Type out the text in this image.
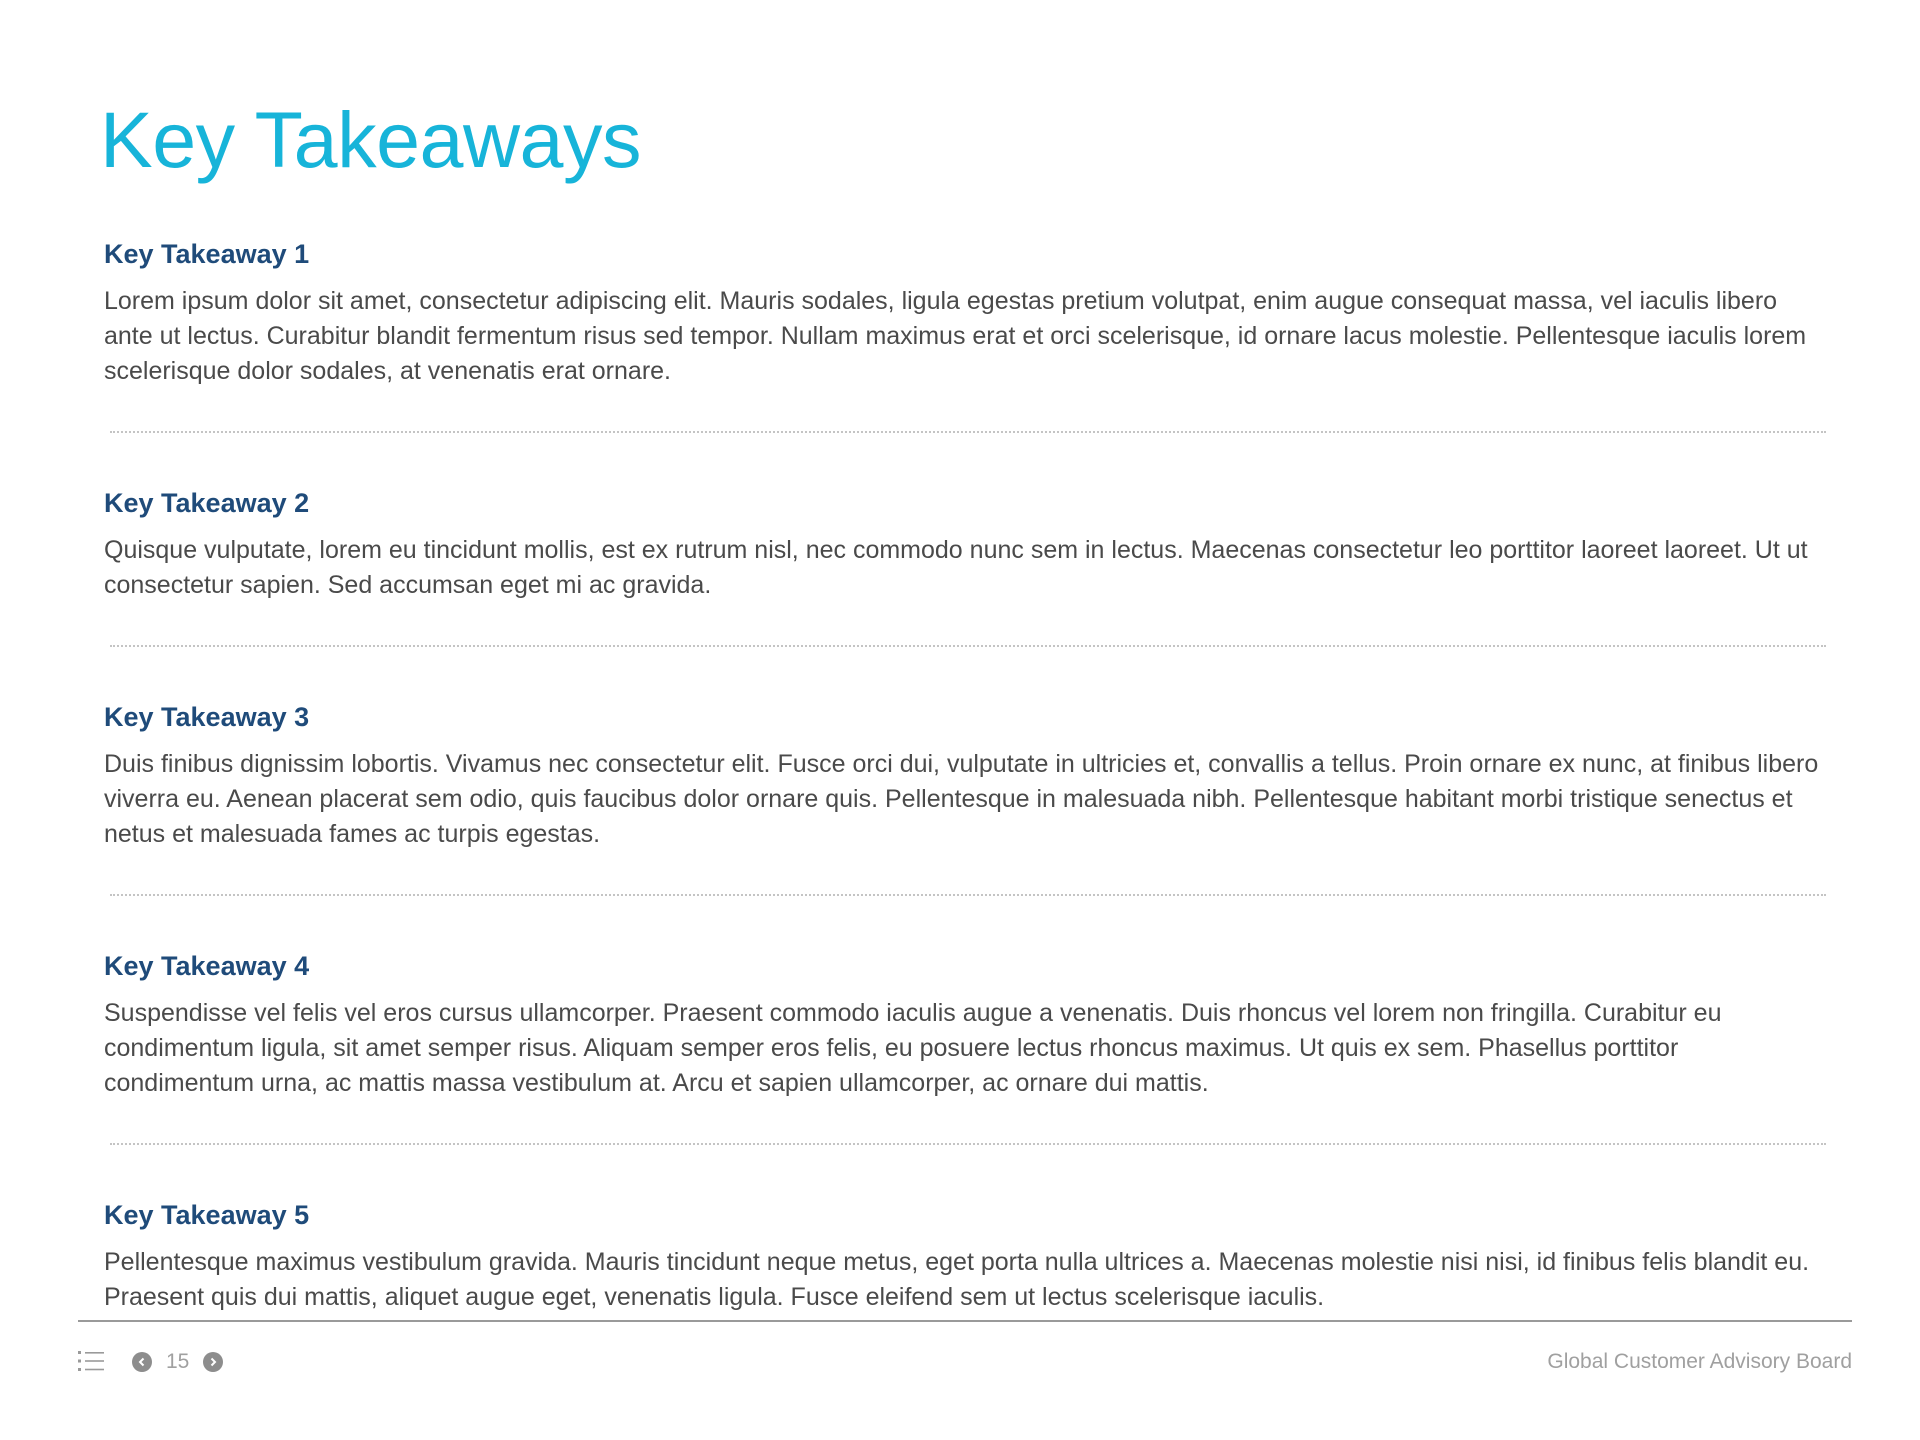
Key Takeaways
Key Takeaway 1

Lorem ipsum dolor sit amet, consectetur adipiscing elit. Mauris sodales, ligula egestas pretium volutpat, enim augue consequat massa, vel iaculis libero ante ut lectus. Curabitur blandit fermentum risus sed tempor. Nullam maximus erat et orci scelerisque, id ornare lacus molestie. Pellentesque iaculis lorem scelerisque dolor sodales, at venenatis erat ornare.

Key Takeaway 2

Quisque vulputate, lorem eu tincidunt mollis, est ex rutrum nisl, nec commodo nunc sem in lectus. Maecenas consectetur leo porttitor laoreet laoreet. Ut ut consectetur sapien. Sed accumsan eget mi ac gravida.

Key Takeaway 3

Duis finibus dignissim lobortis. Vivamus nec consectetur elit. Fusce orci dui, vulputate in ultricies et, convallis a tellus. Proin ornare ex nunc, at finibus libero viverra eu. Aenean placerat sem odio, quis faucibus dolor ornare quis. Pellentesque in malesuada nibh. Pellentesque habitant morbi tristique senectus et netus et malesuada fames ac turpis egestas.

Key Takeaway 4

Suspendisse vel felis vel eros cursus ullamcorper. Praesent commodo iaculis augue a venenatis. Duis rhoncus vel lorem non fringilla. Curabitur eu condimentum ligula, sit amet semper risus. Aliquam semper eros felis, eu posuere lectus rhoncus maximus. Ut quis ex sem. Phasellus porttitor condimentum urna, ac mattis massa vestibulum at. Arcu et sapien ullamcorper, ac ornare dui mattis.

Key Takeaway 5

Pellentesque maximus vestibulum gravida. Mauris tincidunt neque metus, eget porta nulla ultrices a. Maecenas molestie nisi nisi, id finibus felis blandit eu. Praesent quis dui mattis, aliquet augue eget, venenatis ligula. Fusce eleifend sem ut lectus scelerisque iaculis.

15	Global Customer Advisory Board
